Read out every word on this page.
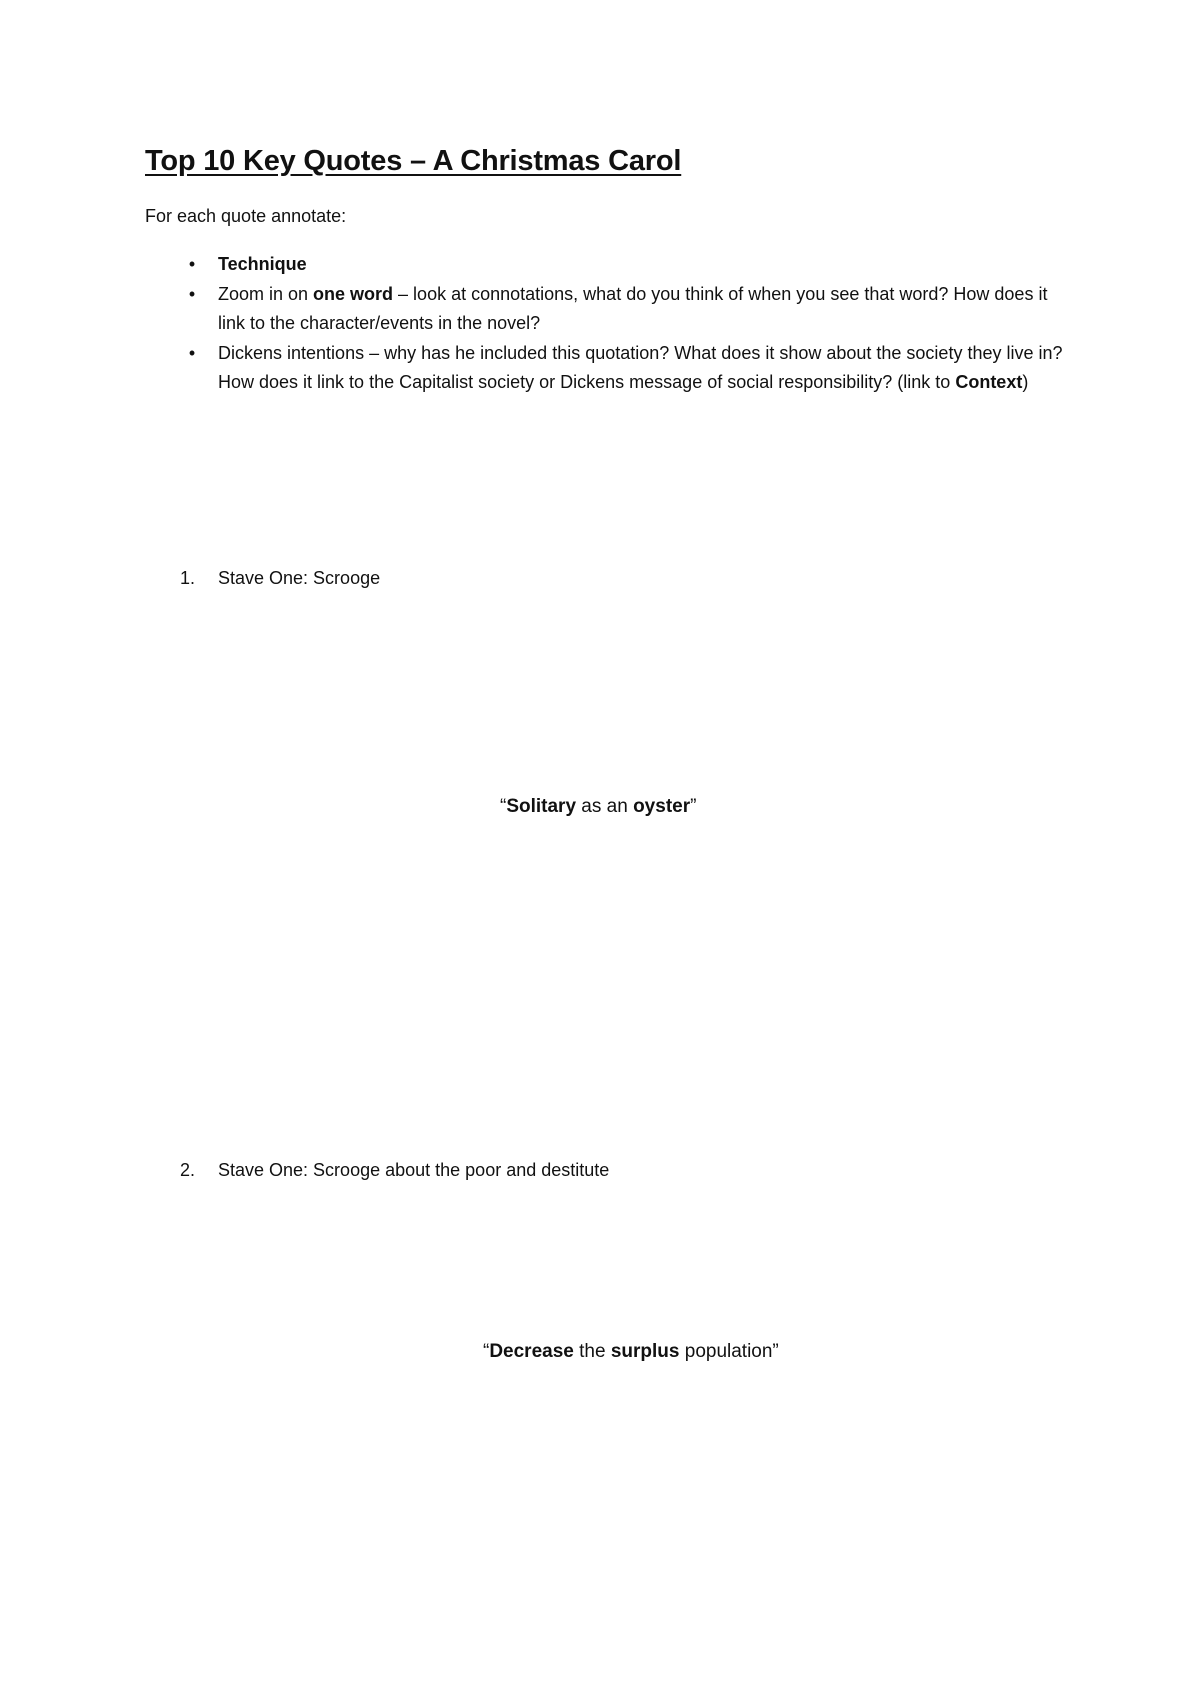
Top 10 Key Quotes – A Christmas Carol
For each quote annotate:
• Technique
• Zoom in on one word – look at connotations, what do you think of when you see that word? How does it link to the character/events in the novel?
• Dickens intentions – why has he included this quotation? What does it show about the society they live in? How does it link to the Capitalist society or Dickens message of social responsibility? (link to Context)
1. Stave One: Scrooge
“Solitary as an oyster”
2. Stave One: Scrooge about the poor and destitute
“Decrease the surplus population”
